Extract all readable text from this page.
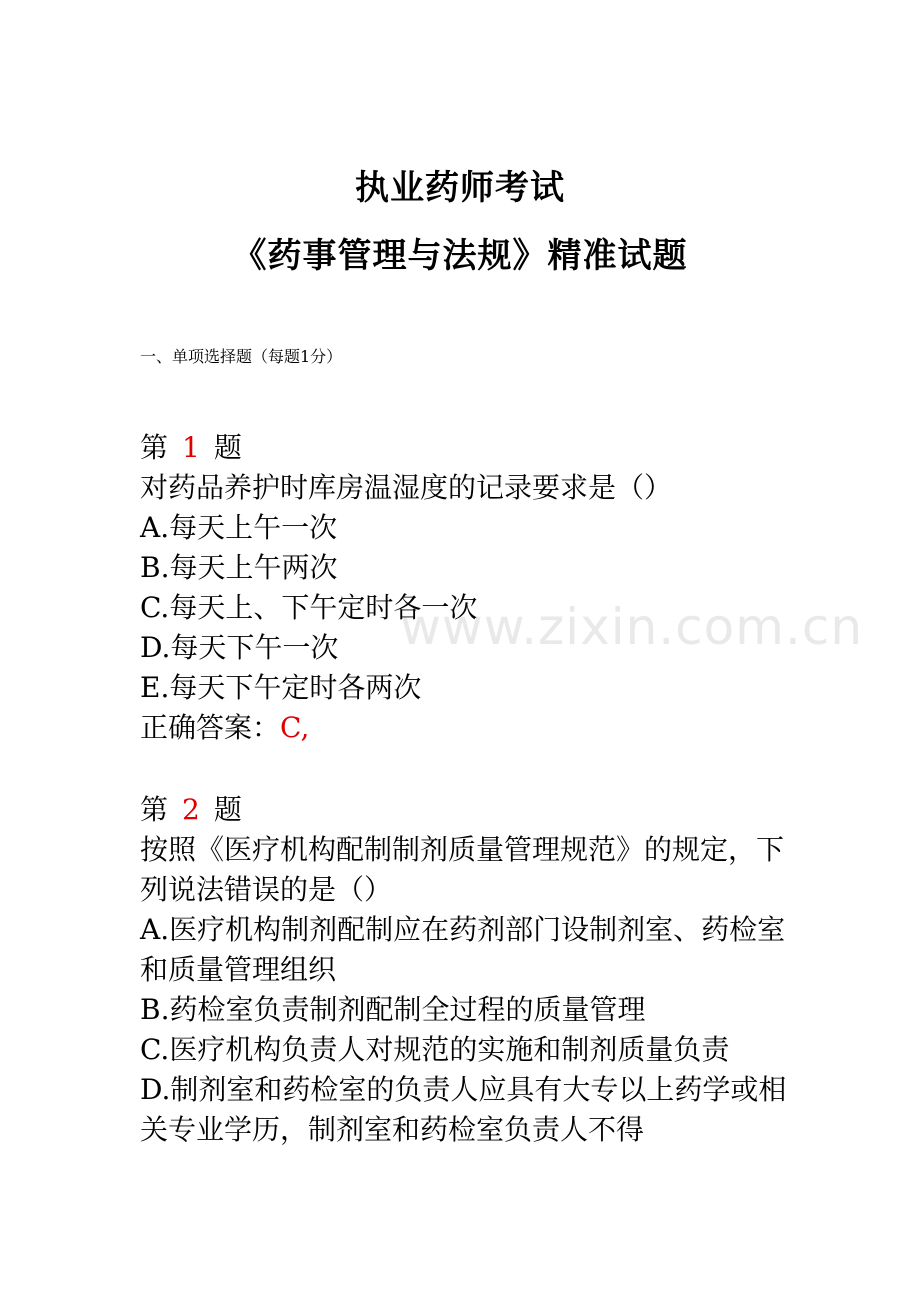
www.zixin.com.cn
执业药师考试
《药事管理与法规》精准试题
一、单项选择题（每题1分）
第 1 题
对药品养护时库房温湿度的记录要求是（）
A.每天上午一次
B.每天上午两次
C.每天上、下午定时各一次
D.每天下午一次
E.每天下午定时各两次
正确答案：C,
第 2 题
按照《医疗机构配制制剂质量管理规范》的规定，下列说法错误的是（）
A.医疗机构制剂配制应在药剂部门设制剂室、药检室和质量管理组织
B.药检室负责制剂配制全过程的质量管理
C.医疗机构负责人对规范的实施和制剂质量负责
D.制剂室和药检室的负责人应具有大专以上药学或相关专业学历，制剂室和药检室负责人不得
